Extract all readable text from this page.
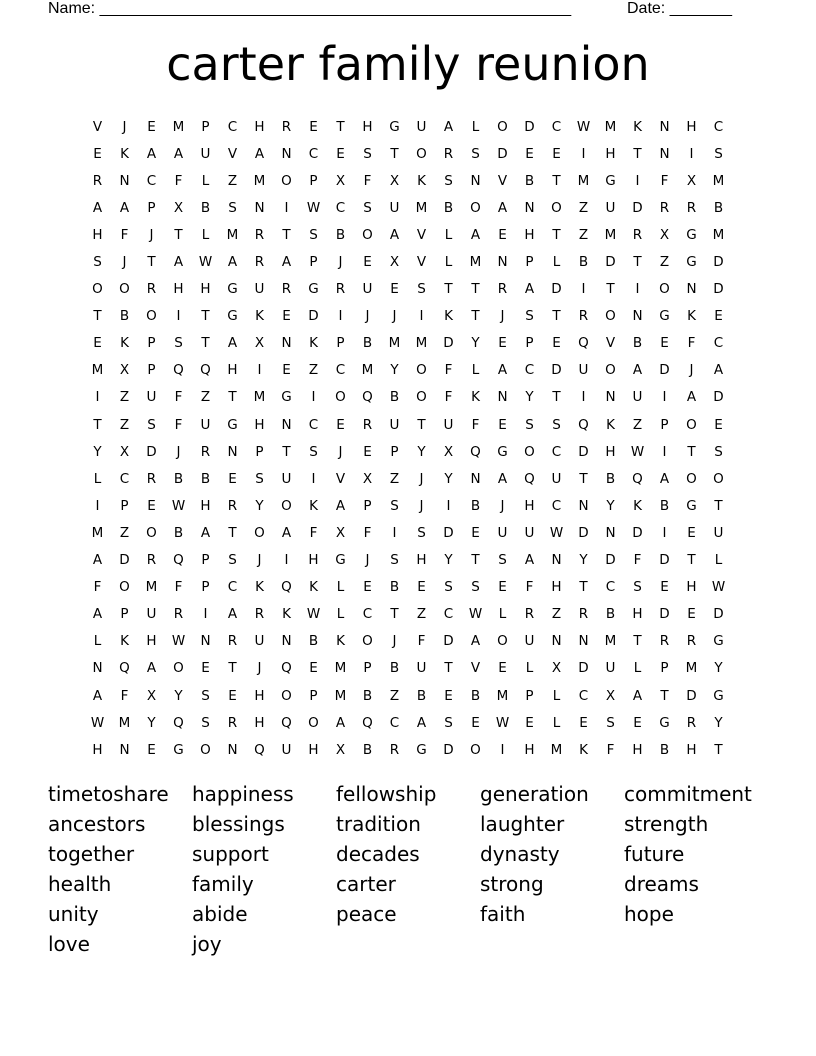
Name: _____________________________________________________	Date: _______
carter family reunion
V	J	E	M	P	C	H	R	E	T	H	G	U	A	L	O	D	C	W	M	K	N	H	C
E	K	A	A	U	V	A	N	C	E	S	T	O	R	S	D	E	E	I	H	T	N	I	S
R	N	C	F	L	Z	M	O	P	X	F	X	K	S	N	V	B	T	M	G	I	F	X	M
A	A	P	X	B	S	N	I	W	C	S	U	M	B	O	A	N	O	Z	U	D	R	R	B
H	F	J	T	L	M	R	T	S	B	O	A	V	L	A	E	H	T	Z	M	R	X	G	M
S	J	T	A	W	A	R	A	P	J	E	X	V	L	M	N	P	L	B	D	T	Z	G	D
O	O	R	H	H	G	U	R	G	R	U	E	S	T	T	R	A	D	I	T	I	O	N	D
T	B	O	I	T	G	K	E	D	I	J	J	I	K	T	J	S	T	R	O	N	G	K	E
E	K	P	S	T	A	X	N	K	P	B	M	M	D	Y	E	P	E	Q	V	B	E	F	C
M	X	P	Q	Q	H	I	E	Z	C	M	Y	O	F	L	A	C	D	U	O	A	D	J	A
I	Z	U	F	Z	T	M	G	I	O	Q	B	O	F	K	N	Y	T	I	N	U	I	A	D
T	Z	S	F	U	G	H	N	C	E	R	U	T	U	F	E	S	S	Q	K	Z	P	O	E
Y	X	D	J	R	N	P	T	S	J	E	P	Y	X	Q	G	O	C	D	H	W	I	T	S
L	C	R	B	B	E	S	U	I	V	X	Z	J	Y	N	A	Q	U	T	B	Q	A	O	O
I	P	E	W	H	R	Y	O	K	A	P	S	J	I	B	J	H	C	N	Y	K	B	G	T
M	Z	O	B	A	T	O	A	F	X	F	I	S	D	E	U	U	W	D	N	D	I	E	U
A	D	R	Q	P	S	J	I	H	G	J	S	H	Y	T	S	A	N	Y	D	F	D	T	L
F	O	M	F	P	C	K	Q	K	L	E	B	E	S	S	E	F	H	T	C	S	E	H	W
A	P	U	R	I	A	R	K	W	L	C	T	Z	C	W	L	R	Z	R	B	H	D	E	D
L	K	H	W	N	R	U	N	B	K	O	J	F	D	A	O	U	N	N	M	T	R	R	G
N	Q	A	O	E	T	J	Q	E	M	P	B	U	T	V	E	L	X	D	U	L	P	M	Y
A	F	X	Y	S	E	H	O	P	M	B	Z	B	E	B	M	P	L	C	X	A	T	D	G
W	M	Y	Q	S	R	H	Q	O	A	Q	C	A	S	E	W	E	L	E	S	E	G	R	Y
H	N	E	G	O	N	Q	U	H	X	B	R	G	D	O	I	H	M	K	F	H	B	H	T
timetoshare	happiness	fellowship	generation	commitment
ancestors	blessings	tradition	laughter	strength
together	support	decades	dynasty	future
health	family	carter	strong	dreams
unity	abide	peace	faith	hope
love	joy
